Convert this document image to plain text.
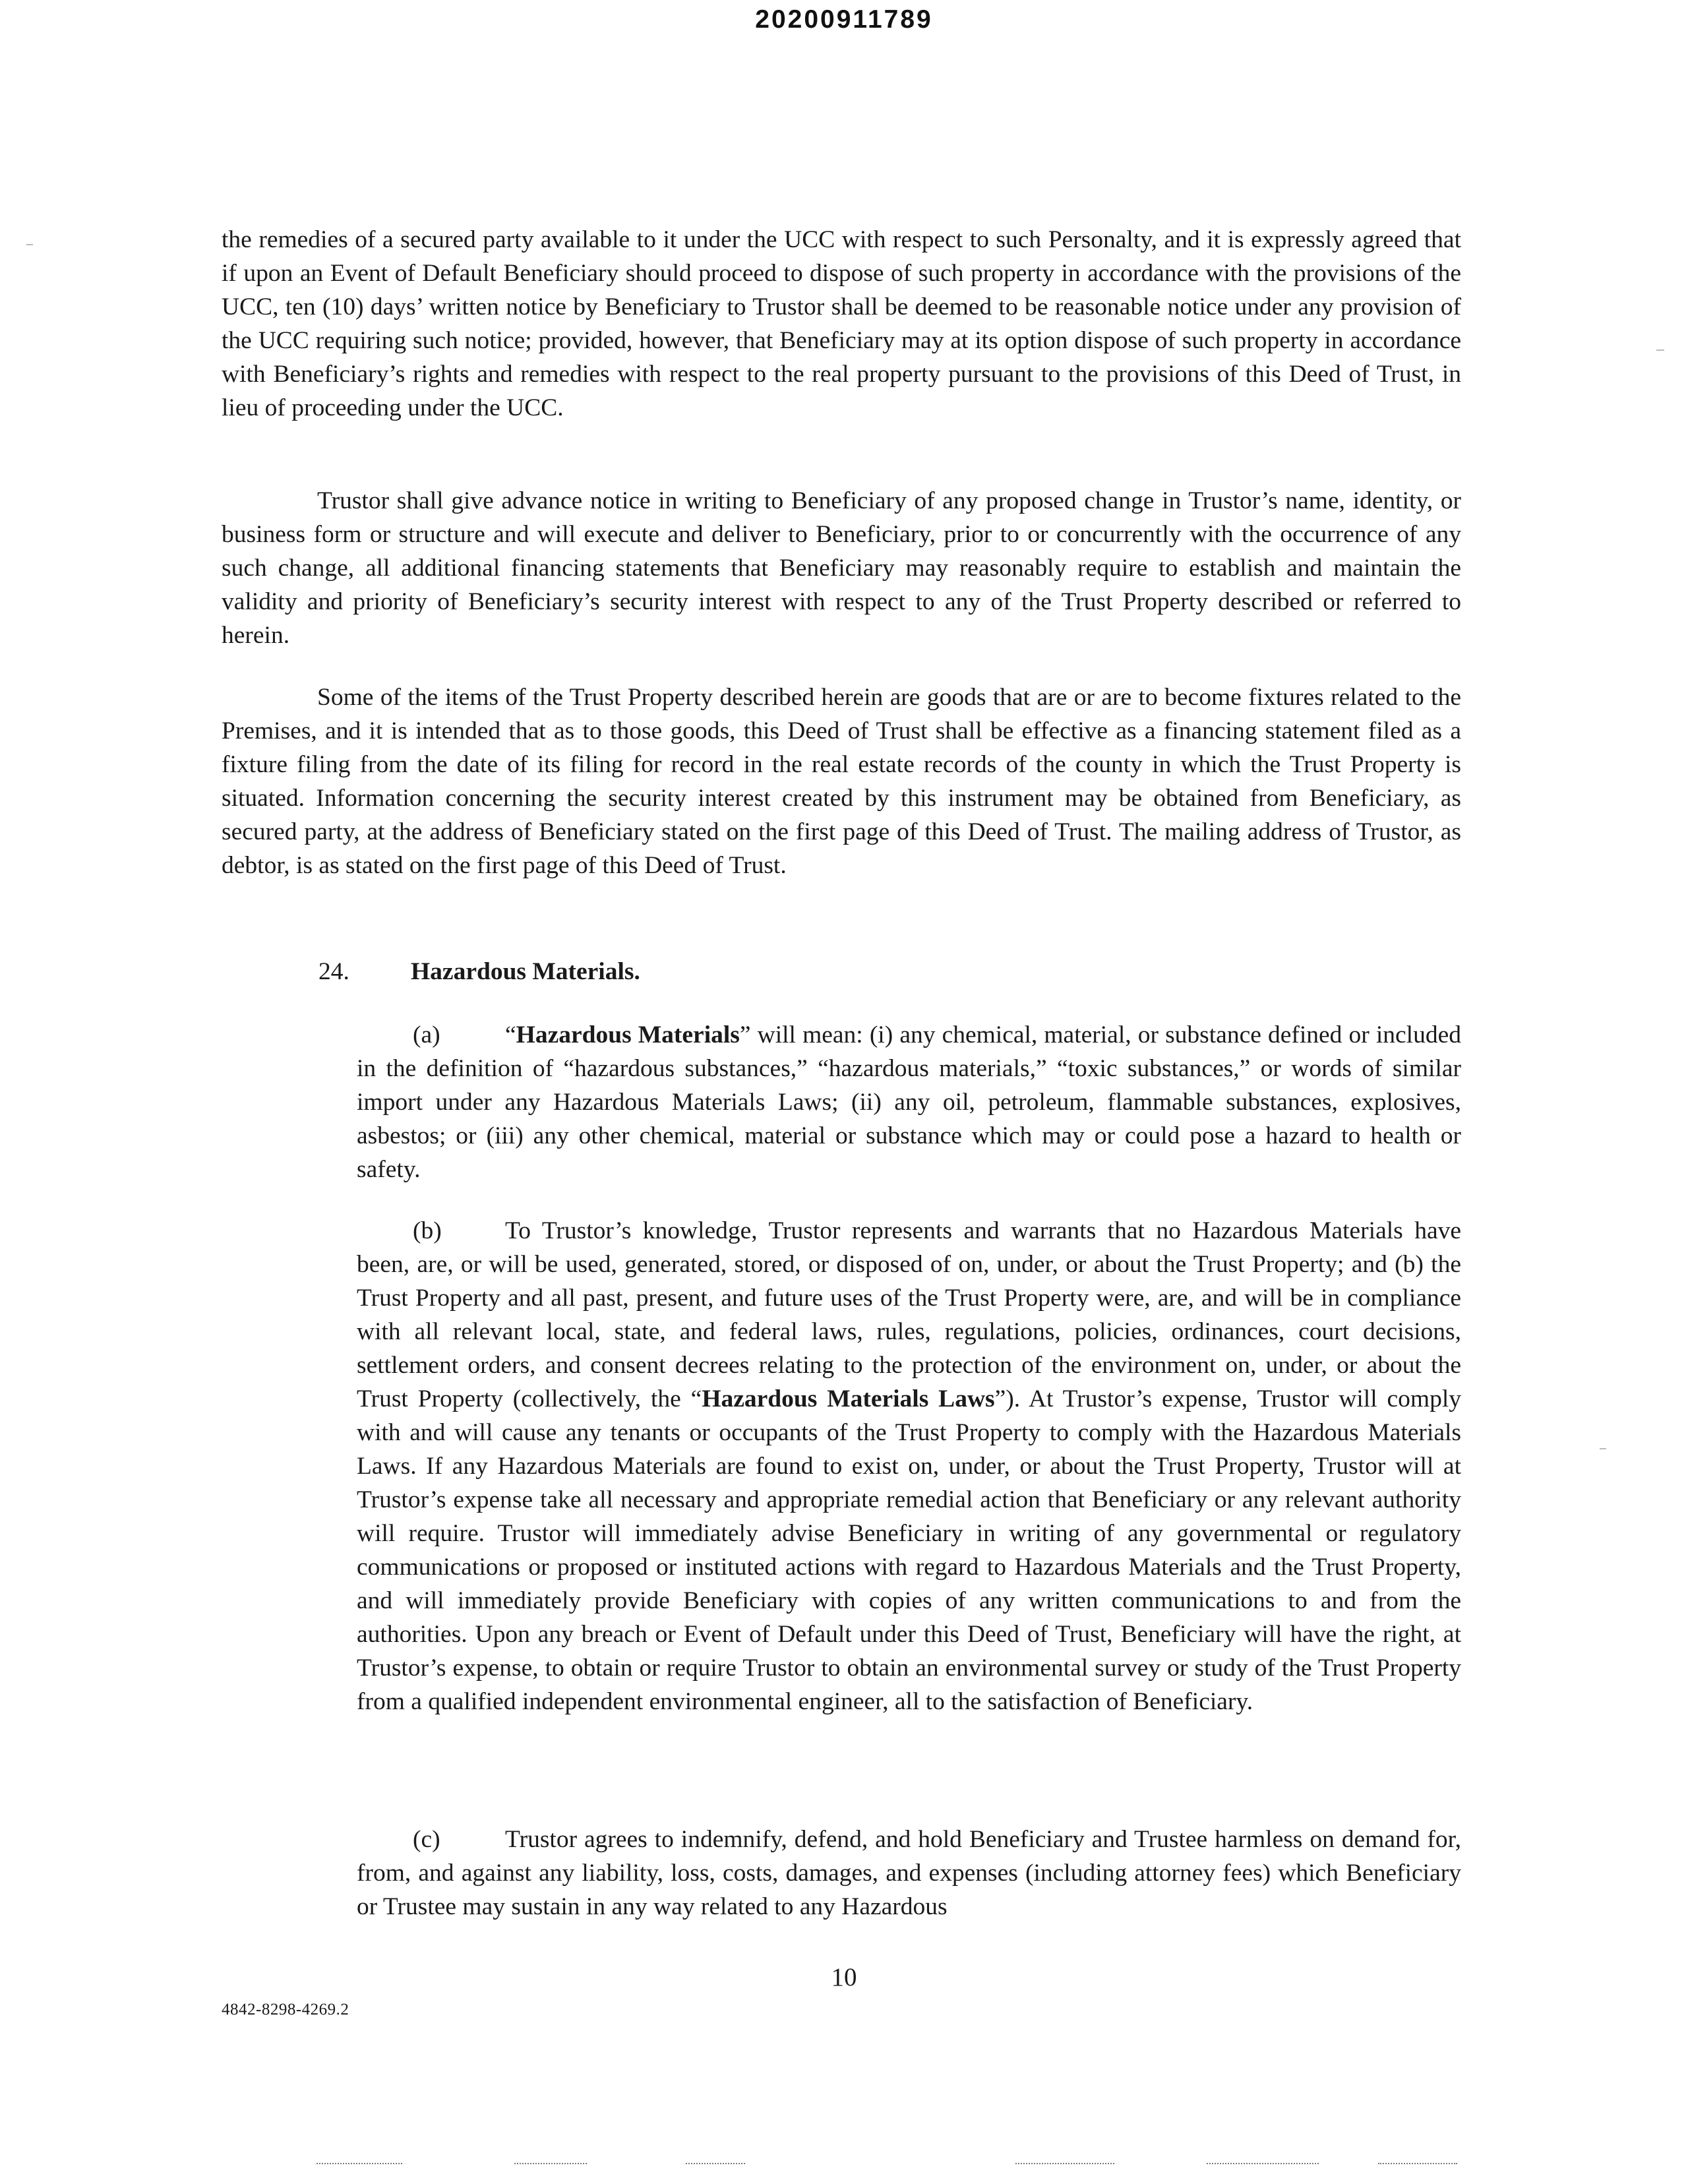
20200911789

the remedies of a secured party available to it under the UCC with respect to such Personalty, and it is expressly agreed that if upon an Event of Default Beneficiary should proceed to dispose of such property in accordance with the provisions of the UCC, ten (10) days’ written notice by Beneficiary to Trustor shall be deemed to be reasonable notice under any provision of the UCC requiring such notice; provided, however, that Beneficiary may at its option dispose of such property in accordance with Beneficiary’s rights and remedies with respect to the real property pursuant to the provisions of this Deed of Trust, in lieu of proceeding under the UCC.

Trustor shall give advance notice in writing to Beneficiary of any proposed change in Trustor’s name, identity, or business form or structure and will execute and deliver to Beneficiary, prior to or concurrently with the occurrence of any such change, all additional financing statements that Beneficiary may reasonably require to establish and maintain the validity and priority of Beneficiary’s security interest with respect to any of the Trust Property described or referred to herein.

Some of the items of the Trust Property described herein are goods that are or are to become fixtures related to the Premises, and it is intended that as to those goods, this Deed of Trust shall be effective as a financing statement filed as a fixture filing from the date of its filing for record in the real estate records of the county in which the Trust Property is situated. Information concerning the security interest created by this instrument may be obtained from Beneficiary, as secured party, at the address of Beneficiary stated on the first page of this Deed of Trust. The mailing address of Trustor, as debtor, is as stated on the first page of this Deed of Trust.

24. Hazardous Materials.

(a)	“Hazardous Materials” will mean: (i) any chemical, material, or substance defined or included in the definition of “hazardous substances,” “hazardous materials,” “toxic substances,” or words of similar import under any Hazardous Materials Laws; (ii) any oil, petroleum, flammable substances, explosives, asbestos; or (iii) any other chemical, material or substance which may or could pose a hazard to health or safety.

(b)	To Trustor’s knowledge, Trustor represents and warrants that no Hazardous Materials have been, are, or will be used, generated, stored, or disposed of on, under, or about the Trust Property; and (b) the Trust Property and all past, present, and future uses of the Trust Property were, are, and will be in compliance with all relevant local, state, and federal laws, rules, regulations, policies, ordinances, court decisions, settlement orders, and consent decrees relating to the protection of the environment on, under, or about the Trust Property (collectively, the “Hazardous Materials Laws”). At Trustor’s expense, Trustor will comply with and will cause any tenants or occupants of the Trust Property to comply with the Hazardous Materials Laws. If any Hazardous Materials are found to exist on, under, or about the Trust Property, Trustor will at Trustor’s expense take all necessary and appropriate remedial action that Beneficiary or any relevant authority will require. Trustor will immediately advise Beneficiary in writing of any governmental or regulatory communications or proposed or instituted actions with regard to Hazardous Materials and the Trust Property, and will immediately provide Beneficiary with copies of any written communications to and from the authorities. Upon any breach or Event of Default under this Deed of Trust, Beneficiary will have the right, at Trustor’s expense, to obtain or require Trustor to obtain an environmental survey or study of the Trust Property from a qualified independent environmental engineer, all to the satisfaction of Beneficiary.

(c)	Trustor agrees to indemnify, defend, and hold Beneficiary and Trustee harmless on demand for, from, and against any liability, loss, costs, damages, and expenses (including attorney fees) which Beneficiary or Trustee may sustain in any way related to any Hazardous

10
4842-8298-4269.2
